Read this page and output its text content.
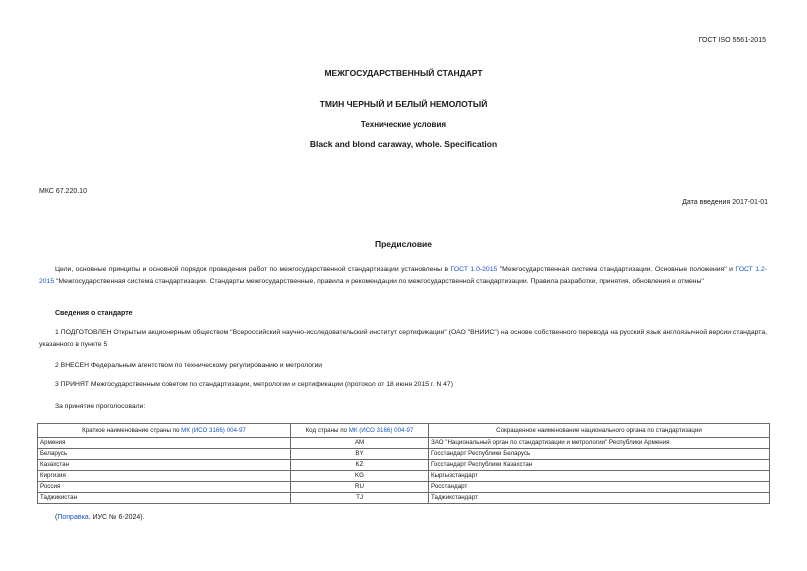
ГОСТ ISO 5561-2015
МЕЖГОСУДАРСТВЕННЫЙ СТАНДАРТ
ТМИН ЧЕРНЫЙ И БЕЛЫЙ НЕМОЛОТЫЙ
Технические условия
Black and blond caraway, whole. Specification
МКС 67.220.10
Дата введения 2017-01-01
Предисловие
Цели, основные принципы и основной порядок проведения работ по межгосударственной стандартизации установлены в ГОСТ 1.0-2015 "Межгосударственная система стандартизации. Основные положения" и ГОСТ 1.2-2015 "Межгосударственная система стандартизации. Стандарты межгосударственные, правила и рекомендации по межгосударственной стандартизации. Правила разработки, принятия, обновления и отмены"
Сведения о стандарте
1 ПОДГОТОВЛЕН Открытым акционерным обществом "Всероссийский научно-исследовательский институт сертификации" (ОАО "ВНИИС") на основе собственного перевода на русский язык англоязычной версии стандарта, указанного в пункте 5
2 ВНЕСЕН Федеральным агентством по техническому регулированию и метрологии
3 ПРИНЯТ Межгосударственным советом по стандартизации, метрологии и сертификации (протокол от 18 июня 2015 г. N 47)
За принятие проголосовали:
Краткое наименование страны по МК (ИСО 3166) 004-97	Код страны по МК (ИСО 3166) 004-97	Сокращенное наименование национального органа по стандартизации
Армения	AM	ЗАО "Национальный орган по стандартизации и метрологии" Республики Армения
Беларусь	BY	Госстандарт Республики Беларусь
Казахстан	KZ	Госстандарт Республики Казахстан
Киргизия	KG	Кыргызстандарт
Россия	RU	Росстандарт
Таджикистан	TJ	Таджикстандарт
(Поправка. ИУС № 6-2024).
